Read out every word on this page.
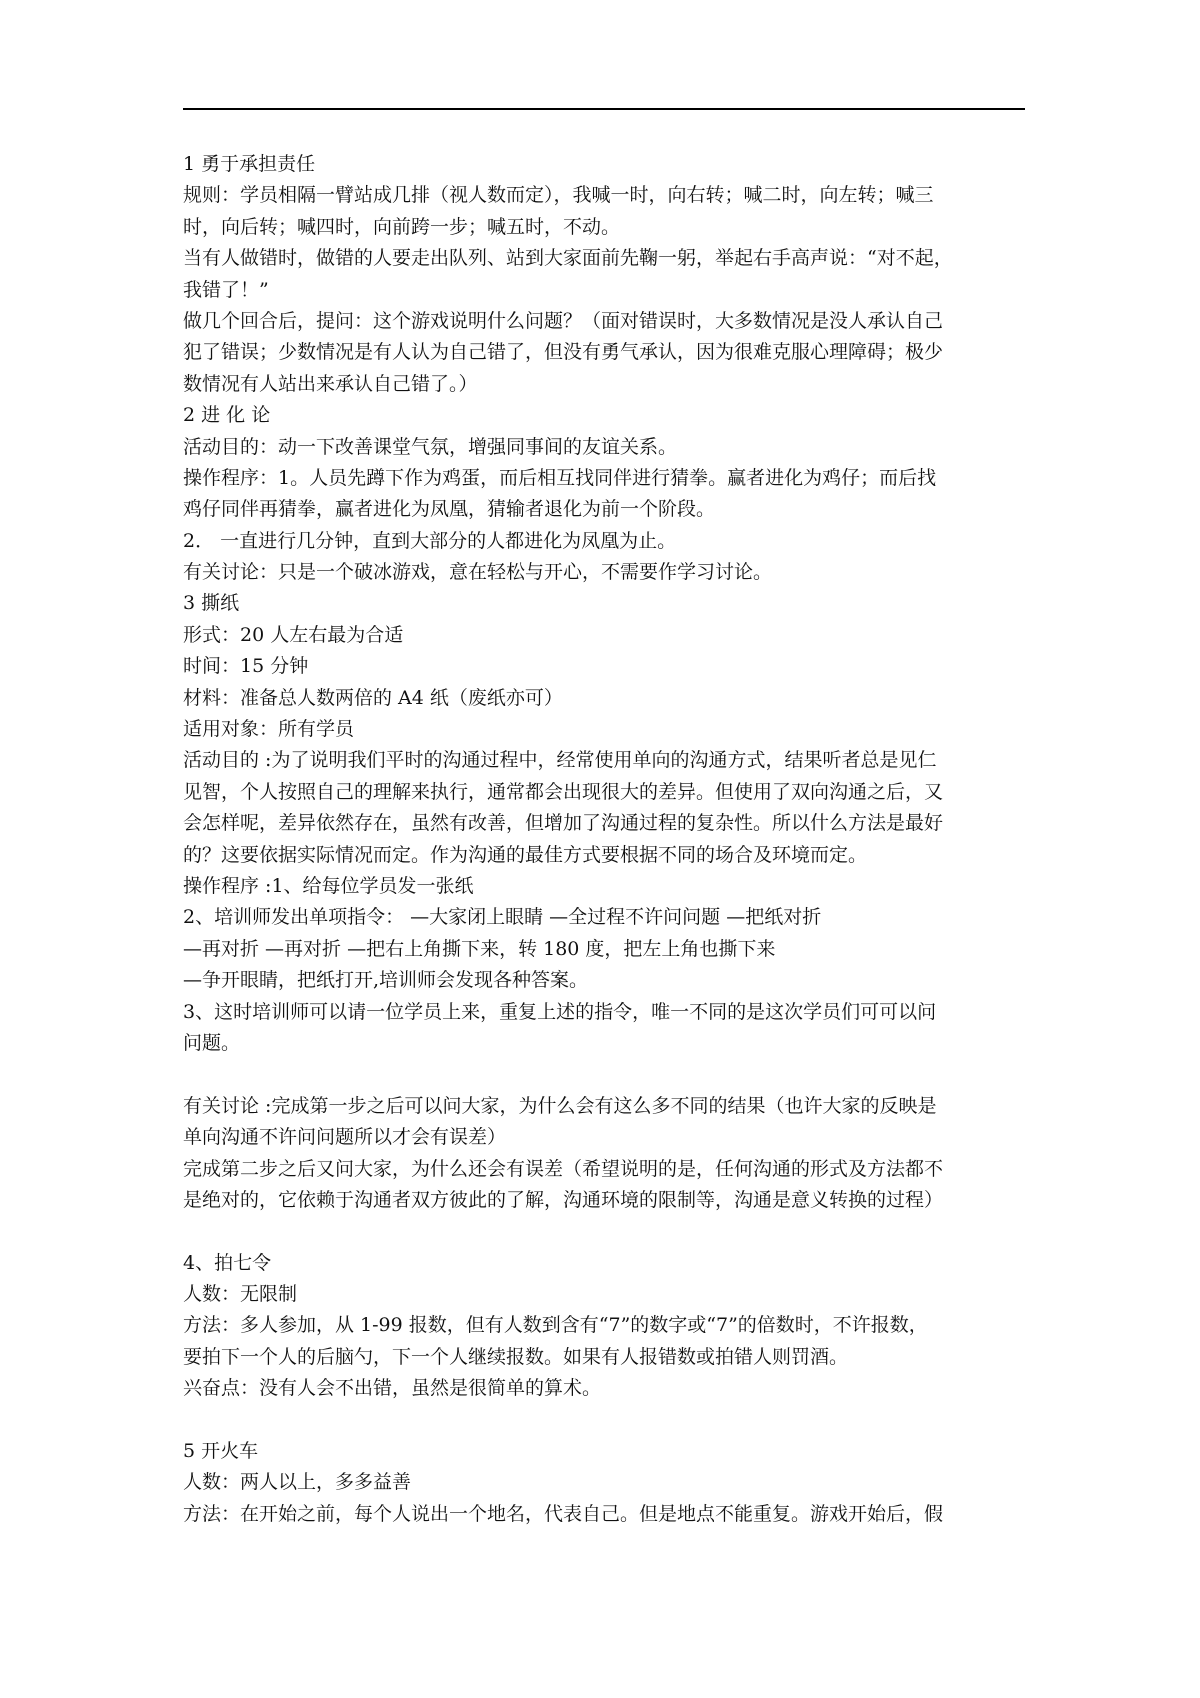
1 勇于承担责任
规则：学员相隔一臂站成几排（视人数而定），我喊一时，向右转；喊二时，向左转；喊三
时，向后转；喊四时，向前跨一步；喊五时，不动。
当有人做错时，做错的人要走出队列、站到大家面前先鞠一躬，举起右手高声说：“对不起，
我错了！”
做几个回合后，提问：这个游戏说明什么问题？（面对错误时，大多数情况是没人承认自己
犯了错误；少数情况是有人认为自己错了，但没有勇气承认，因为很难克服心理障碍；极少
数情况有人站出来承认自己错了。）
2 进 化 论
活动目的：动一下改善课堂气氛，增强同事间的友谊关系。
操作程序：1。人员先蹲下作为鸡蛋，而后相互找同伴进行猜拳。赢者进化为鸡仔；而后找
鸡仔同伴再猜拳，赢者进化为凤凰，猜输者退化为前一个阶段。
2． 一直进行几分钟，直到大部分的人都进化为凤凰为止。
有关讨论：只是一个破冰游戏，意在轻松与开心，不需要作学习讨论。
3 撕纸
形式：20 人左右最为合适
时间：15 分钟
材料：准备总人数两倍的 A4 纸（废纸亦可）
适用对象：所有学员
活动目的 :为了说明我们平时的沟通过程中，经常使用单向的沟通方式，结果听者总是见仁
见智，个人按照自己的理解来执行，通常都会出现很大的差异。但使用了双向沟通之后，又
会怎样呢，差异依然存在，虽然有改善，但增加了沟通过程的复杂性。所以什么方法是最好
的？这要依据实际情况而定。作为沟通的最佳方式要根据不同的场合及环境而定。
操作程序 :1、给每位学员发一张纸
2、培训师发出单项指令： —大家闭上眼睛 —全过程不许问问题 —把纸对折
—再对折 —再对折 —把右上角撕下来，转 180 度，把左上角也撕下来
—争开眼睛，把纸打开,培训师会发现各种答案。
3、这时培训师可以请一位学员上来，重复上述的指令，唯一不同的是这次学员们可可以问
问题。
有关讨论 :完成第一步之后可以问大家，为什么会有这么多不同的结果（也许大家的反映是
单向沟通不许问问题所以才会有误差）
完成第二步之后又问大家，为什么还会有误差（希望说明的是，任何沟通的形式及方法都不
是绝对的，它依赖于沟通者双方彼此的了解，沟通环境的限制等，沟通是意义转换的过程）
4、拍七令
人数：无限制
方法：多人参加，从 1-99 报数，但有人数到含有“7”的数字或“7”的倍数时，不许报数，
要拍下一个人的后脑勺，下一个人继续报数。如果有人报错数或拍错人则罚酒。
兴奋点：没有人会不出错，虽然是很简单的算术。
5 开火车
人数：两人以上，多多益善
方法：在开始之前，每个人说出一个地名，代表自己。但是地点不能重复。游戏开始后，假
